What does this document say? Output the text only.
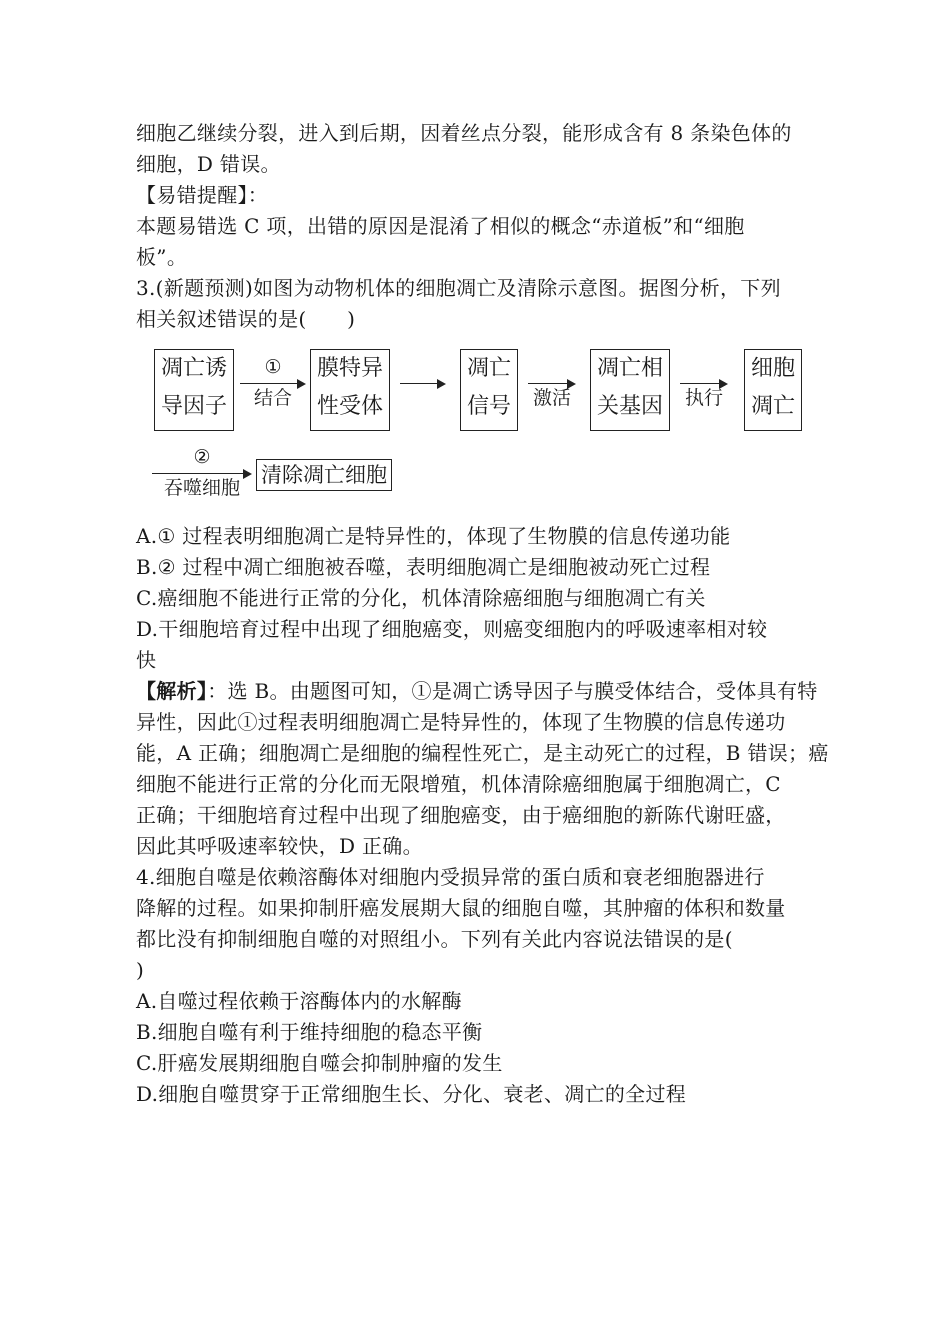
细胞乙继续分裂，进入到后期，因着丝点分裂，能形成含有 8 条染色体的
细胞，D 错误。
【易错提醒】：
本题易错选 C 项，出错的原因是混淆了相似的概念“赤道板”和“细胞
板”。
3.(新题预测)如图为动物机体的细胞凋亡及清除示意图。据图分析，下列
相关叙述错误的是(　　)
凋亡诱
导因子
①
结合
膜特异
性受体
凋亡
信号 激活
凋亡相
关基因 执行
细胞
凋亡
②
吞噬细胞
清除凋亡细胞
A.① 过程表明细胞凋亡是特异性的，体现了生物膜的信息传递功能
B.② 过程中凋亡细胞被吞噬，表明细胞凋亡是细胞被动死亡过程
C.癌细胞不能进行正常的分化，机体清除癌细胞与细胞凋亡有关
D.干细胞培育过程中出现了细胞癌变，则癌变细胞内的呼吸速率相对较
快
【解析】：选 B。由题图可知，①是凋亡诱导因子与膜受体结合，受体具有特
异性，因此①过程表明细胞凋亡是特异性的，体现了生物膜的信息传递功
能，A 正确；细胞凋亡是细胞的编程性死亡，是主动死亡的过程，B 错误；癌
细胞不能进行正常的分化而无限增殖，机体清除癌细胞属于细胞凋亡，C
正确；干细胞培育过程中出现了细胞癌变，由于癌细胞的新陈代谢旺盛，
因此其呼吸速率较快，D 正确。
4.细胞自噬是依赖溶酶体对细胞内受损异常的蛋白质和衰老细胞器进行
降解的过程。如果抑制肝癌发展期大鼠的细胞自噬，其肿瘤的体积和数量
都比没有抑制细胞自噬的对照组小。下列有关此内容说法错误的是(
)
A.自噬过程依赖于溶酶体内的水解酶
B.细胞自噬有利于维持细胞的稳态平衡
C.肝癌发展期细胞自噬会抑制肿瘤的发生
D.细胞自噬贯穿于正常细胞生长、分化、衰老、凋亡的全过程
